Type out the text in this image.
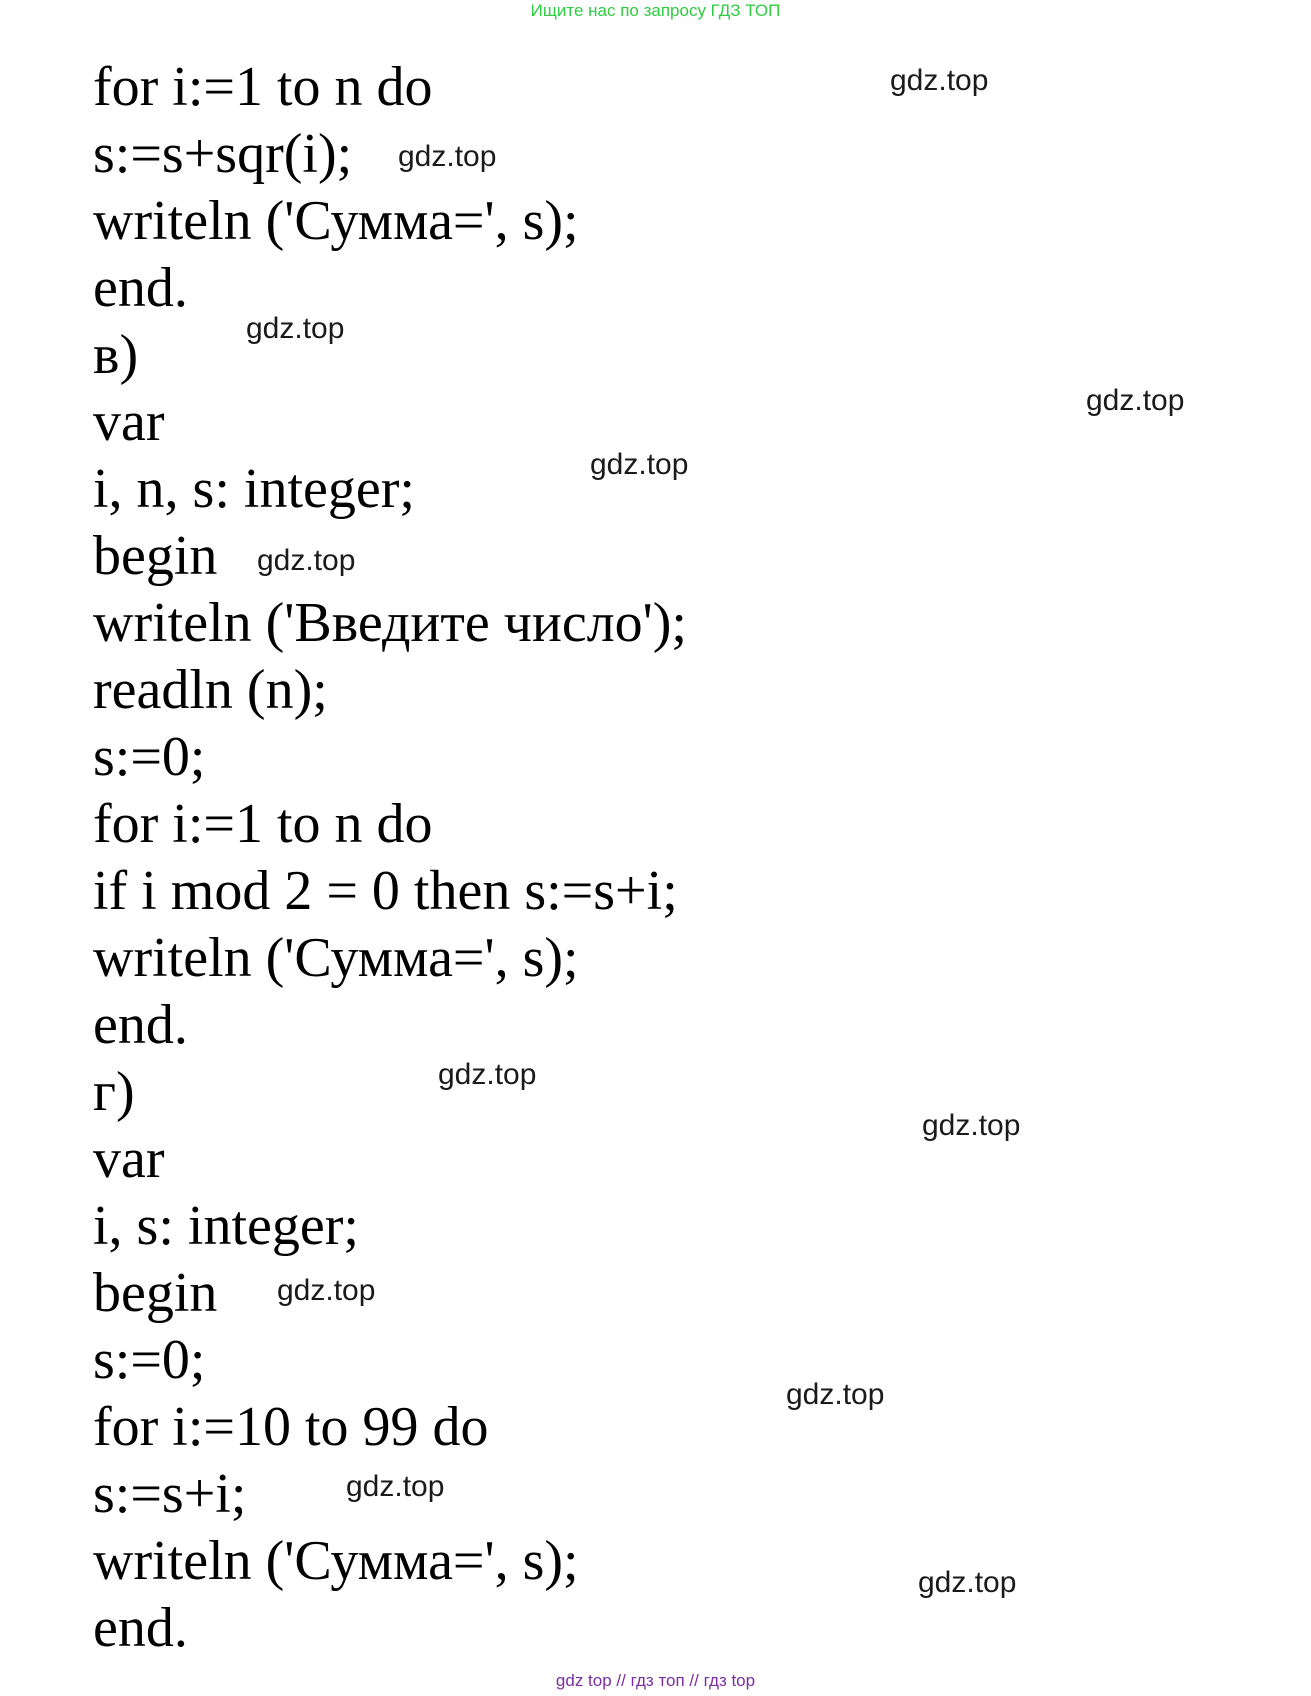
Ищите нас по запросу ГДЗ ТОП
for i:=1 to n do
s:=s+sqr(i);
writeln ('Сумма=', s);
end.
в)
var
i, n, s: integer;
begin
writeln ('Введите число');
readln (n);
s:=0;
for i:=1 to n do
if i mod 2 = 0 then s:=s+i;
writeln ('Сумма=', s);
end.
г)
var
i, s: integer;
begin
s:=0;
for i:=10 to 99 do
s:=s+i;
writeln ('Сумма=', s);
end.
gdz.top
gdz.top
gdz.top
gdz.top
gdz.top
gdz.top
gdz.top
gdz.top
gdz.top
gdz.top
gdz.top
gdz.top
gdz top // гдз топ // гдз top
